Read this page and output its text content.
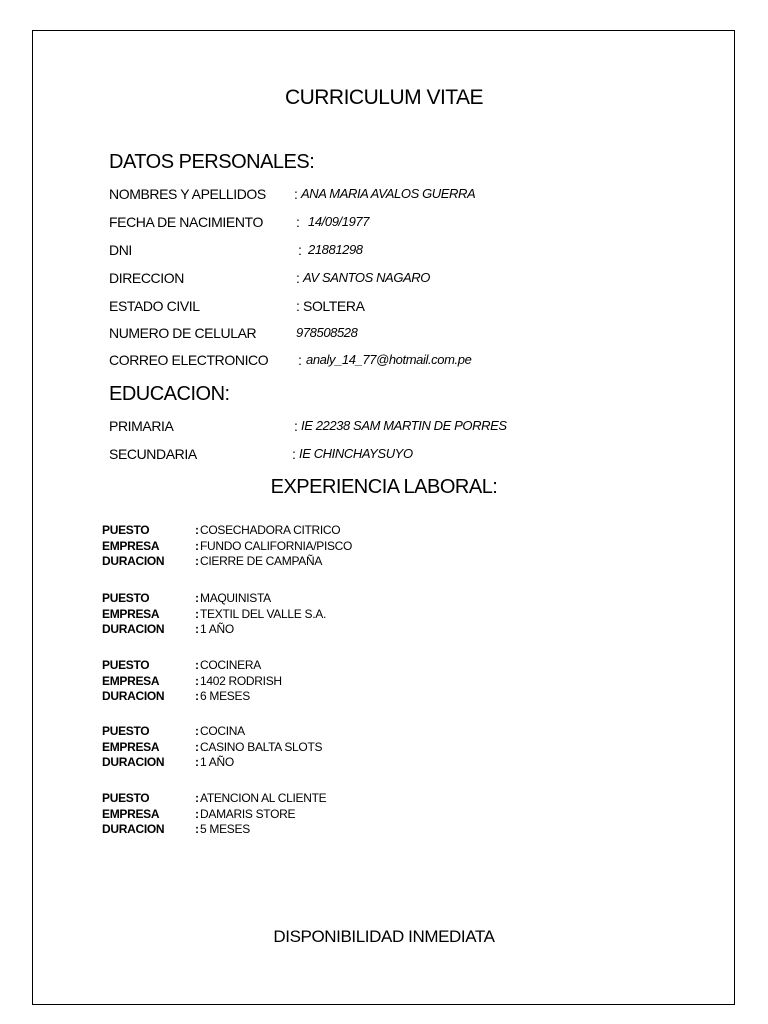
CURRICULUM VITAE
DATOS PERSONALES:
NOMBRES Y APELLIDOS : ANA MARIA AVALOS GUERRA
FECHA DE NACIMIENTO : 14/09/1977
DNI	: 21881298
DIRECCION	: AV SANTOS NAGARO
ESTADO CIVIL	: SOLTERA
NUMERO DE CELULAR	978508528
CORREO ELECTRONICO : analy_14_77@hotmail.com.pe
EDUCACION:
PRIMARIA	: IE 22238 SAM MARTIN DE PORRES
SECUNDARIA	: IE CHINCHAYSUYO
EXPERIENCIA LABORAL:
PUESTO	: COSECHADORA CITRICO
EMPRESA	: FUNDO CALIFORNIA/PISCO
DURACION	: CIERRE DE CAMPAÑA
PUESTO	: MAQUINISTA
EMPRESA	: TEXTIL DEL VALLE S.A.
DURACION	: 1 AÑO
PUESTO	: COCINERA
EMPRESA	: 1402 RODRISH
DURACION	: 6 MESES
PUESTO	: COCINA
EMPRESA	: CASINO BALTA SLOTS
DURACION	: 1 AÑO
PUESTO	: ATENCION AL CLIENTE
EMPRESA	: DAMARIS STORE
DURACION	: 5 MESES
DISPONIBILIDAD INMEDIATA
